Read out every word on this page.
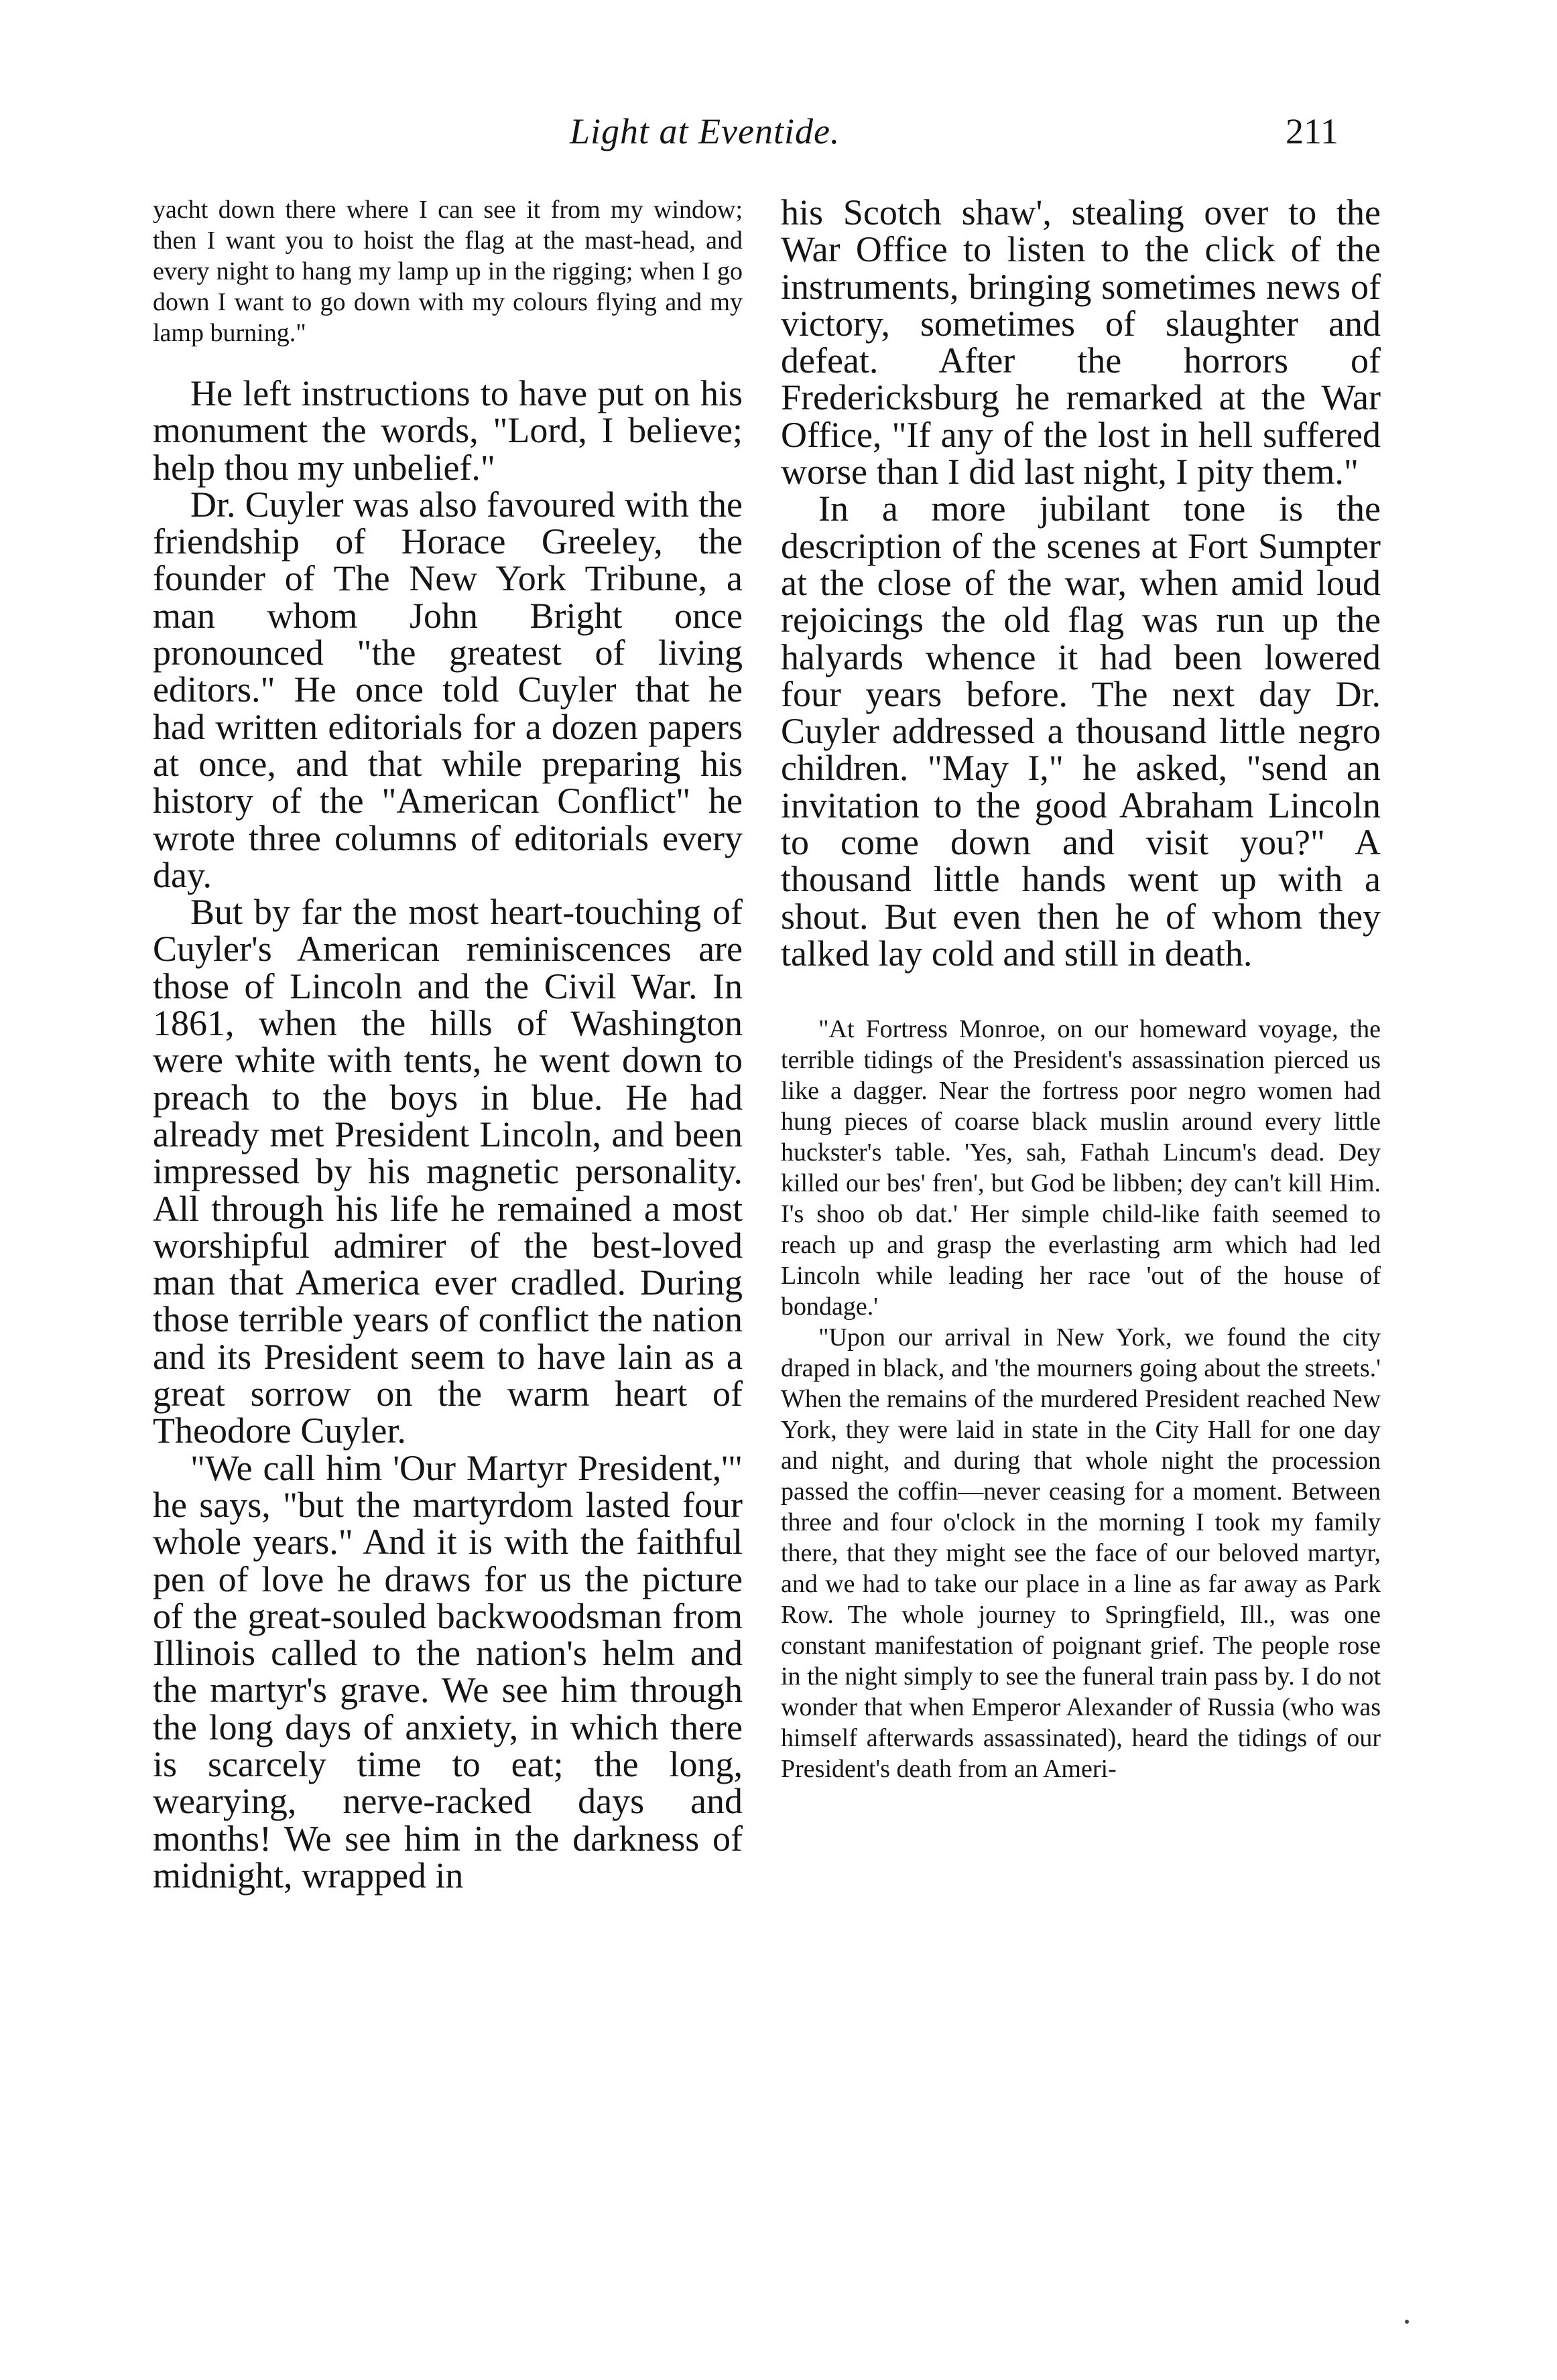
Light at Eventide.	211

yacht down there where I can see it from my window; then I want you to hoist the flag at the mast-head, and every night to hang my lamp up in the rigging; when I go down I want to go down with my colours flying and my lamp burning."

He left instructions to have put on his monument the words, "Lord, I believe; help thou my unbelief."

Dr. Cuyler was also favoured with the friendship of Horace Greeley, the founder of The New York Tribune, a man whom John Bright once pronounced "the greatest of living editors." He once told Cuyler that he had written editorials for a dozen papers at once, and that while preparing his history of the "American Conflict" he wrote three columns of editorials every day.

But by far the most heart-touching of Cuyler's American reminiscences are those of Lincoln and the Civil War. In 1861, when the hills of Washington were white with tents, he went down to preach to the boys in blue. He had already met President Lincoln, and been impressed by his magnetic personality. All through his life he remained a most worshipful admirer of the best-loved man that America ever cradled. During those terrible years of conflict the nation and its President seem to have lain as a great sorrow on the warm heart of Theodore Cuyler.

"We call him 'Our Martyr President,'" he says, "but the martyrdom lasted four whole years." And it is with the faithful pen of love he draws for us the picture of the great-souled backwoodsman from Illinois called to the nation's helm and the martyr's grave. We see him through the long days of anxiety, in which there is scarcely time to eat; the long, wearying, nerve-racked days and months! We see him in the darkness of midnight, wrapped in

his Scotch shaw', stealing over to the War Office to listen to the click of the instruments, bringing sometimes news of victory, sometimes of slaughter and defeat. After the horrors of Fredericksburg he remarked at the War Office, "If any of the lost in hell suffered worse than I did last night, I pity them."

In a more jubilant tone is the description of the scenes at Fort Sumpter at the close of the war, when amid loud rejoicings the old flag was run up the halyards whence it had been lowered four years before. The next day Dr. Cuyler addressed a thousand little negro children. "May I," he asked, "send an invitation to the good Abraham Lincoln to come down and visit you?" A thousand little hands went up with a shout. But even then he of whom they talked lay cold and still in death.

"At Fortress Monroe, on our homeward voyage, the terrible tidings of the President's assassination pierced us like a dagger. Near the fortress poor negro women had hung pieces of coarse black muslin around every little huckster's table. 'Yes, sah, Fathah Lincum's dead. Dey killed our bes' fren', but God be libben; dey can't kill Him. I's shoo ob dat.' Her simple child-like faith seemed to reach up and grasp the everlasting arm which had led Lincoln while leading her race 'out of the house of bondage.'

"Upon our arrival in New York, we found the city draped in black, and 'the mourners going about the streets.' When the remains of the murdered President reached New York, they were laid in state in the City Hall for one day and night, and during that whole night the procession passed the coffin—never ceasing for a moment. Between three and four o'clock in the morning I took my family there, that they might see the face of our beloved martyr, and we had to take our place in a line as far away as Park Row. The whole journey to Springfield, Ill., was one constant manifestation of poignant grief. The people rose in the night simply to see the funeral train pass by. I do not wonder that when Emperor Alexander of Russia (who was himself afterwards assassinated), heard the tidings of our President's death from an Ameri-
